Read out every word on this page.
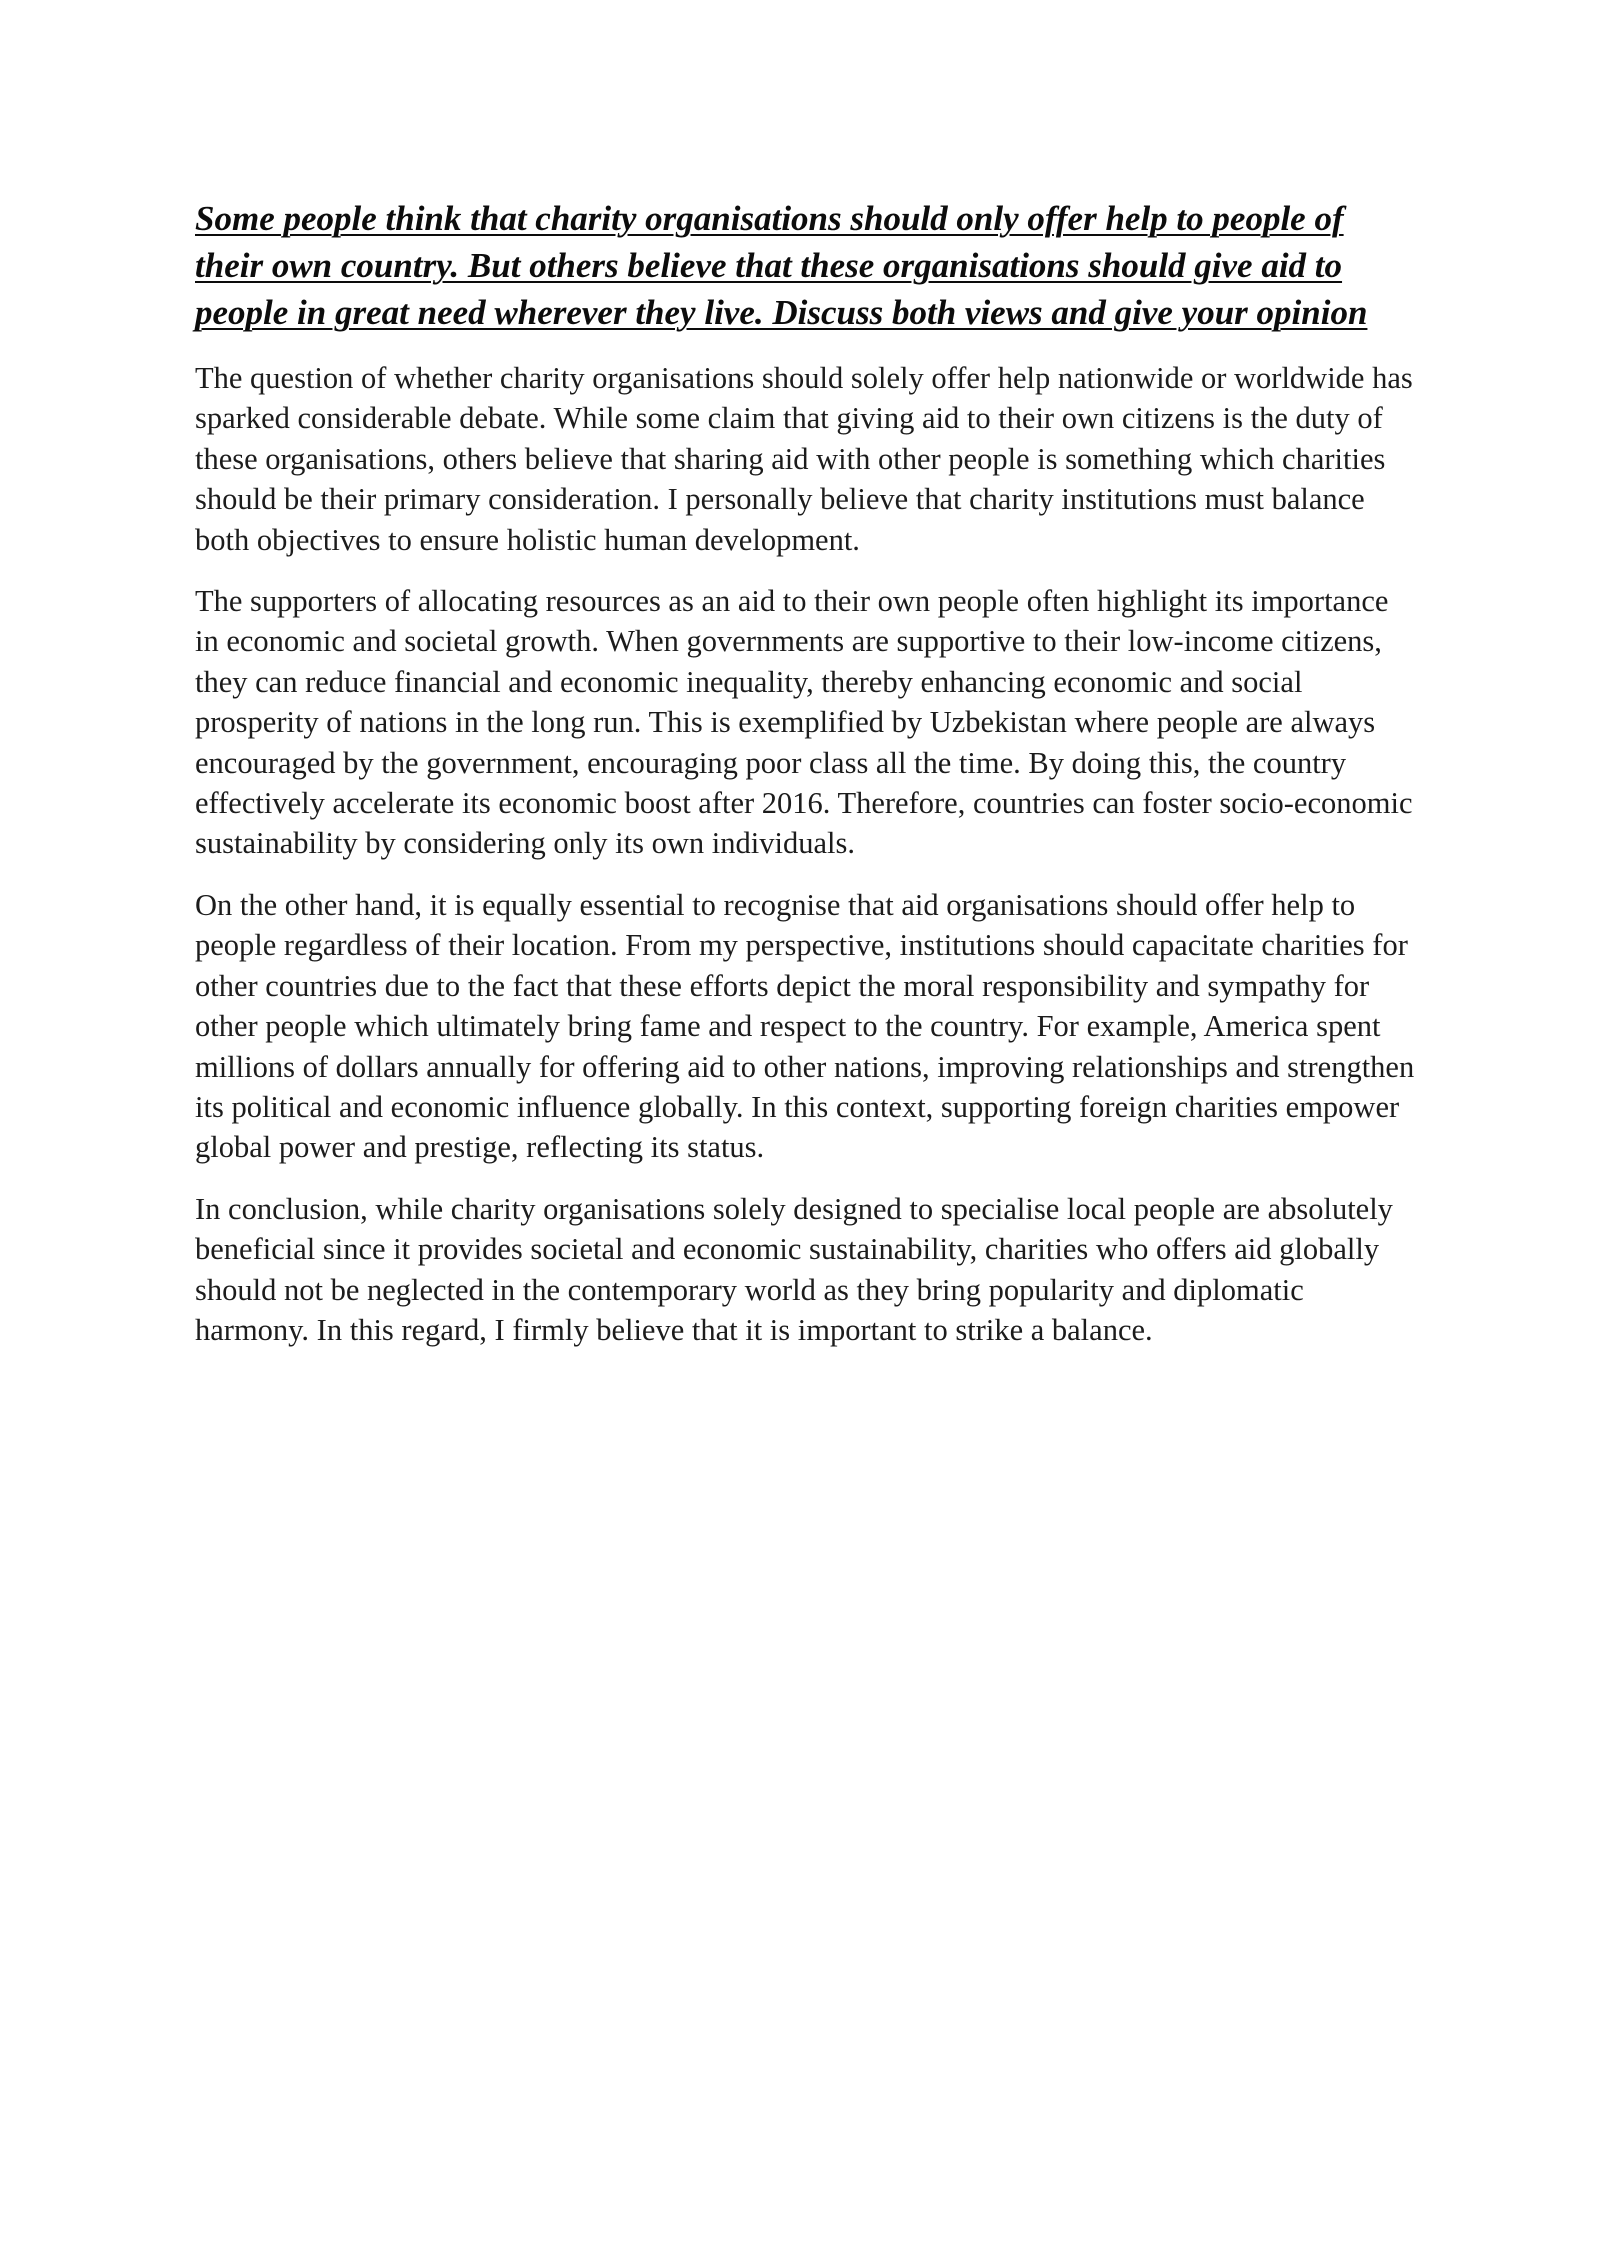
Some people think that charity organisations should only offer help to people of their own country. But others believe that these organisations should give aid to people in great need wherever they live. Discuss both views and give your opinion

The question of whether charity organisations should solely offer help nationwide or worldwide has sparked considerable debate. While some claim that giving aid to their own citizens is the duty of these organisations, others believe that sharing aid with other people is something which charities should be their primary consideration. I personally believe that charity institutions must balance both objectives to ensure holistic human development.

The supporters of allocating resources as an aid to their own people often highlight its importance in economic and societal growth. When governments are supportive to their low-income citizens, they can reduce financial and economic inequality, thereby enhancing economic and social prosperity of nations in the long run. This is exemplified by Uzbekistan where people are always encouraged by the government, encouraging poor class all the time. By doing this, the country effectively accelerate its economic boost after 2016. Therefore, countries can foster socio-economic sustainability by considering only its own individuals.

On the other hand, it is equally essential to recognise that aid organisations should offer help to people regardless of their location. From my perspective, institutions should capacitate charities for other countries due to the fact that these efforts depict the moral responsibility and sympathy for other people which ultimately bring fame and respect to the country. For example, America spent millions of dollars annually for offering aid to other nations, improving relationships and strengthen its political and economic influence globally. In this context, supporting foreign charities empower global power and prestige, reflecting its status.

In conclusion, while charity organisations solely designed to specialise local people are absolutely beneficial since it provides societal and economic sustainability, charities who offers aid globally should not be neglected in the contemporary world as they bring popularity and diplomatic harmony. In this regard, I firmly believe that it is important to strike a balance.
